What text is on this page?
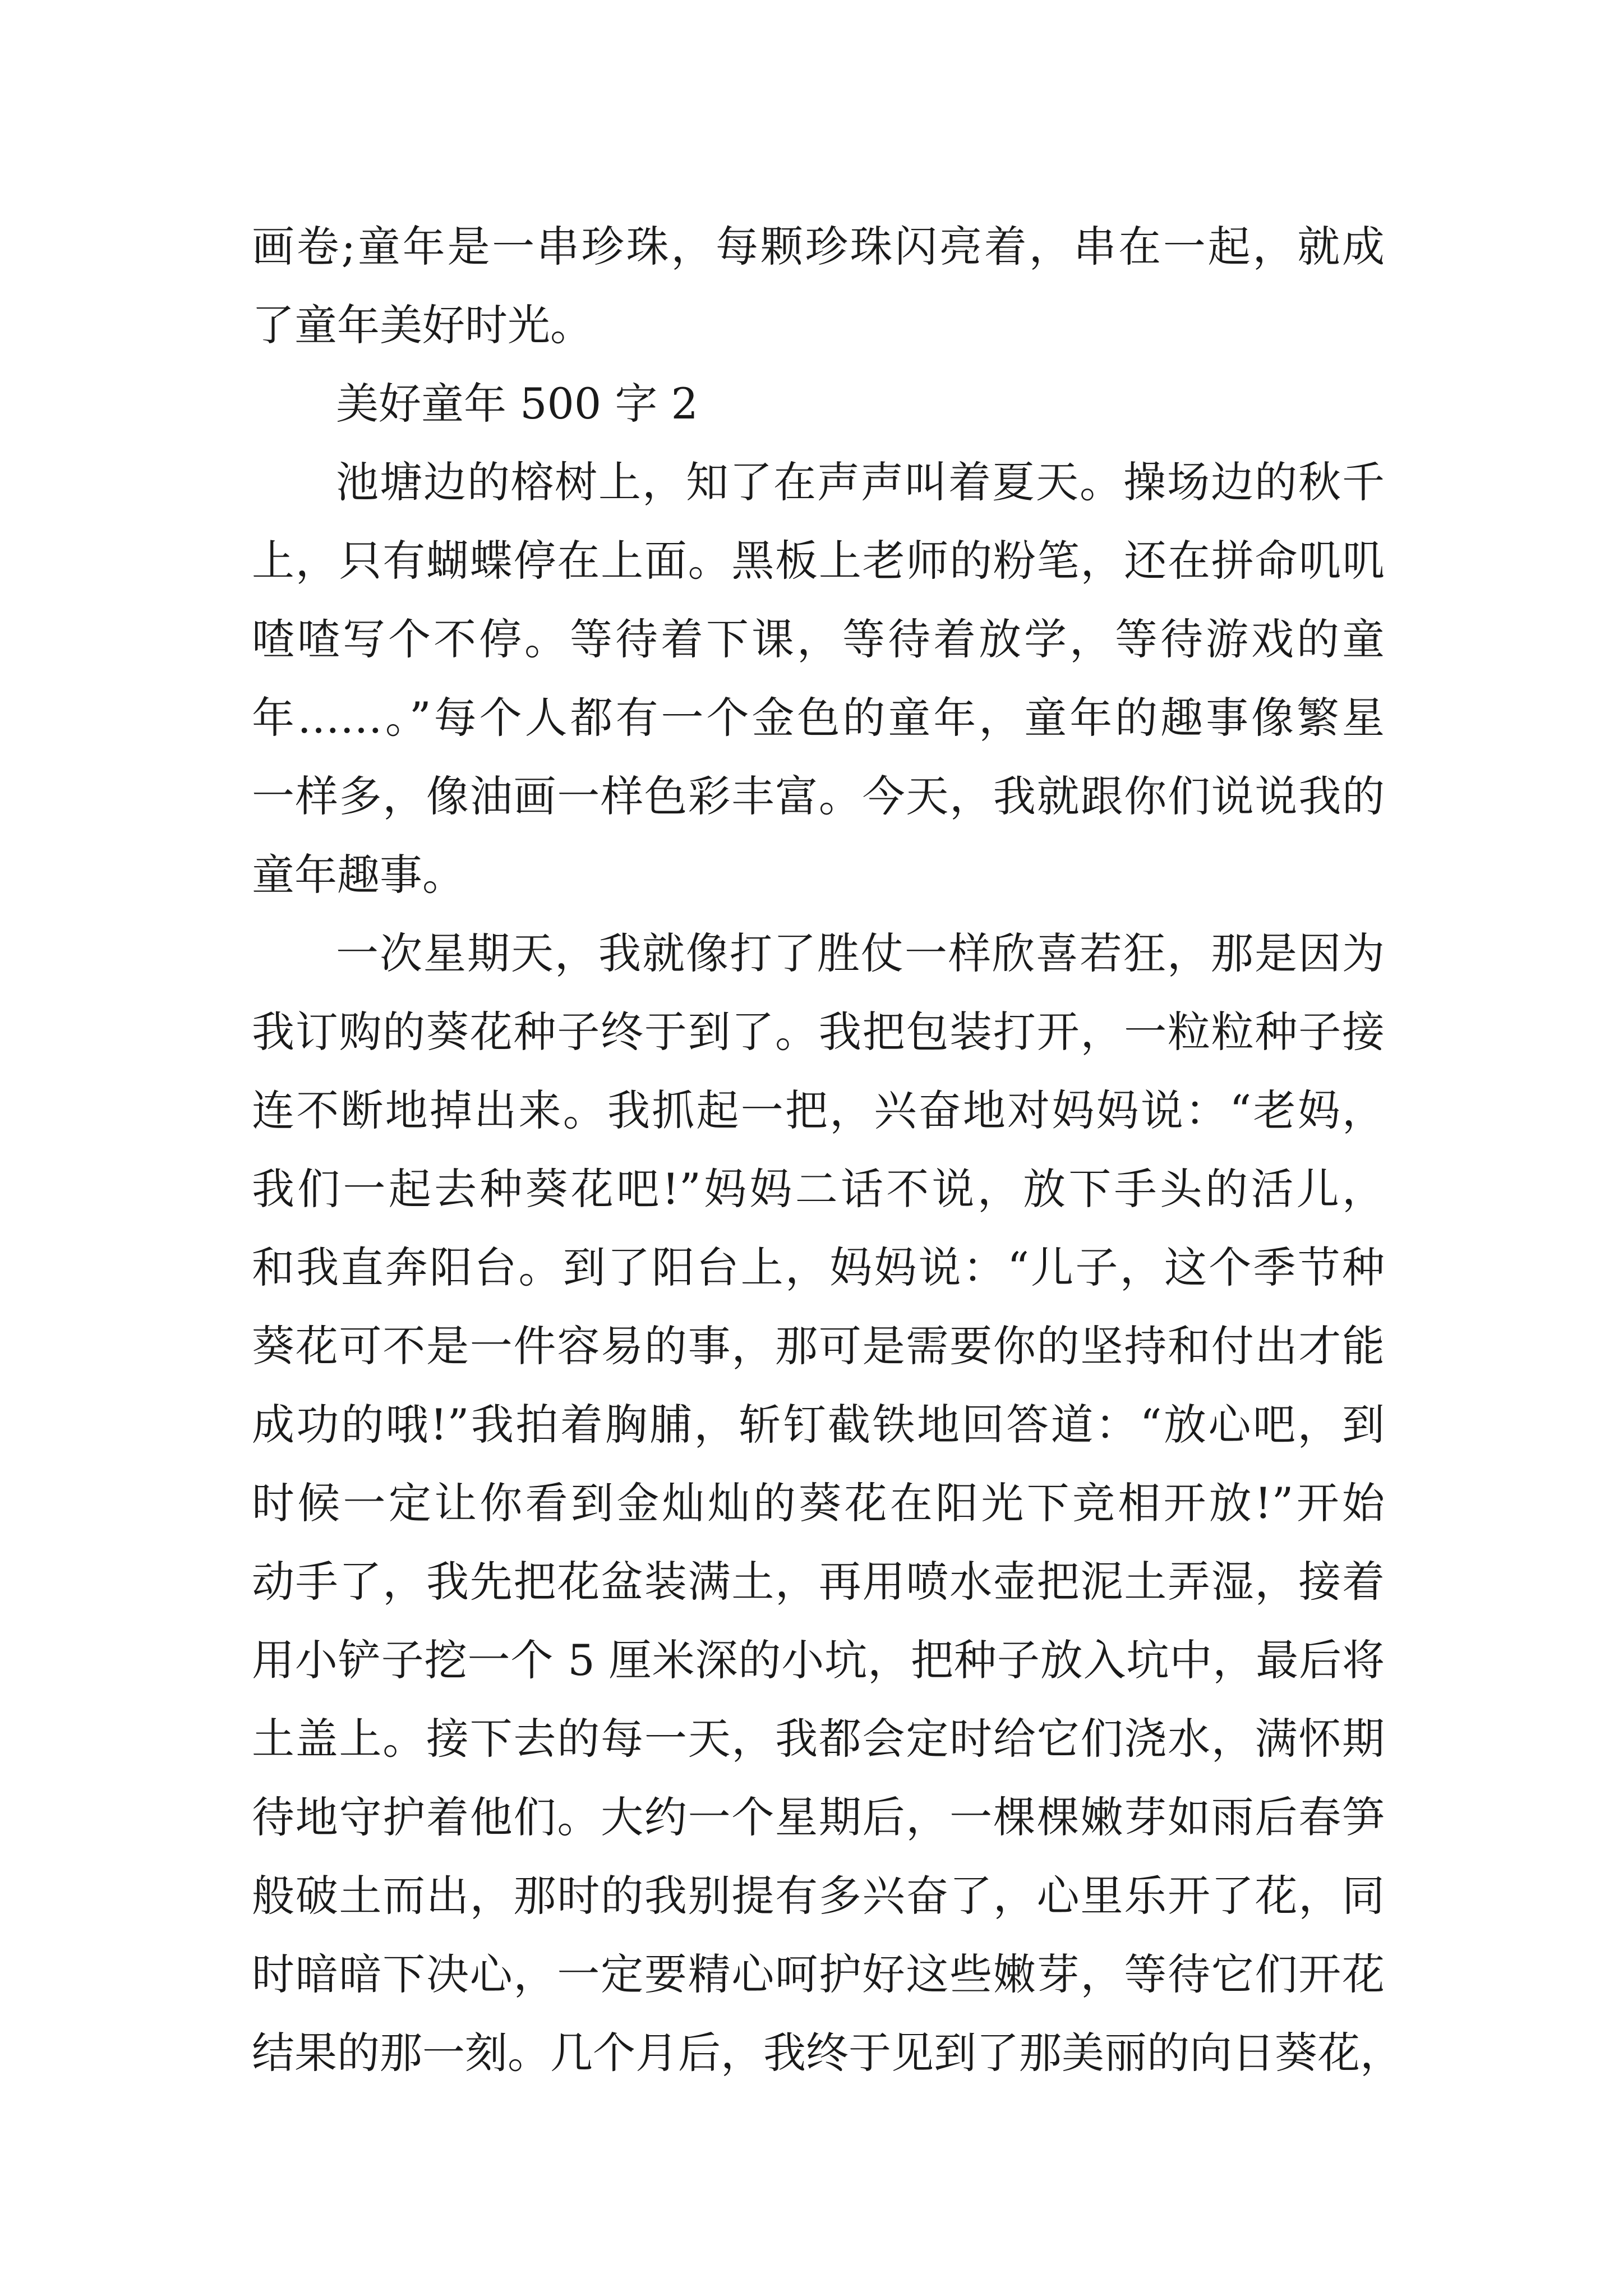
画卷;童年是一串珍珠，每颗珍珠闪亮着，串在一起，就成
了童年美好时光。
美好童年 500 字 2
池塘边的榕树上，知了在声声叫着夏天。操场边的秋千
上，只有蝴蝶停在上面。黑板上老师的粉笔，还在拼命叽叽
喳喳写个不停。等待着下课，等待着放学，等待游戏的童
年……。”每个人都有一个金色的童年，童年的趣事像繁星
一样多，像油画一样色彩丰富。今天，我就跟你们说说我的
童年趣事。
一次星期天，我就像打了胜仗一样欣喜若狂，那是因为
我订购的葵花种子终于到了。我把包装打开，一粒粒种子接
连不断地掉出来。我抓起一把，兴奋地对妈妈说：“老妈，
我们一起去种葵花吧!”妈妈二话不说，放下手头的活儿，
和我直奔阳台。到了阳台上，妈妈说：“儿子，这个季节种
葵花可不是一件容易的事，那可是需要你的坚持和付出才能
成功的哦!”我拍着胸脯，斩钉截铁地回答道：“放心吧，到
时候一定让你看到金灿灿的葵花在阳光下竞相开放!”开始
动手了，我先把花盆装满土，再用喷水壶把泥土弄湿，接着
用小铲子挖一个 5 厘米深的小坑，把种子放入坑中，最后将
土盖上。接下去的每一天，我都会定时给它们浇水，满怀期
待地守护着他们。大约一个星期后，一棵棵嫩芽如雨后春笋
般破土而出，那时的我别提有多兴奋了，心里乐开了花，同
时暗暗下决心，一定要精心呵护好这些嫩芽，等待它们开花
结果的那一刻。几个月后，我终于见到了那美丽的向日葵花，
